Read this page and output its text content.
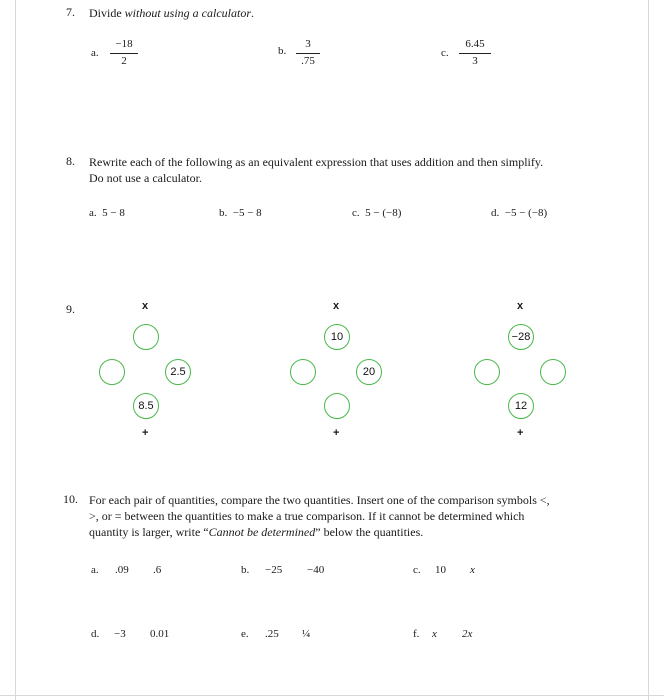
7. Divide without using a calculator.
a.
−18
2
b.
3
.75
c.
6.45
3
8. Rewrite each of the following as an equivalent expression that uses addition and then simplify.
Do not use a calculator.
a. 5 − 8	b. −5 − 8	c. 5 − (−8)	d. −5 − (−8)
9.	x
2.5
8.5
+
x
10
20
+
x
−28
12
+
10. For each pair of quantities, compare the two quantities. Insert one of the comparison symbols <,
>, or = between the quantities to make a true comparison. If it cannot be determined which
quantity is larger, write “Cannot be determined” below the quantities.
a. .09 .6	b. −25 −40	c. 10 x
d. −3 0.01	e. .25 ¼	f. x 2x
